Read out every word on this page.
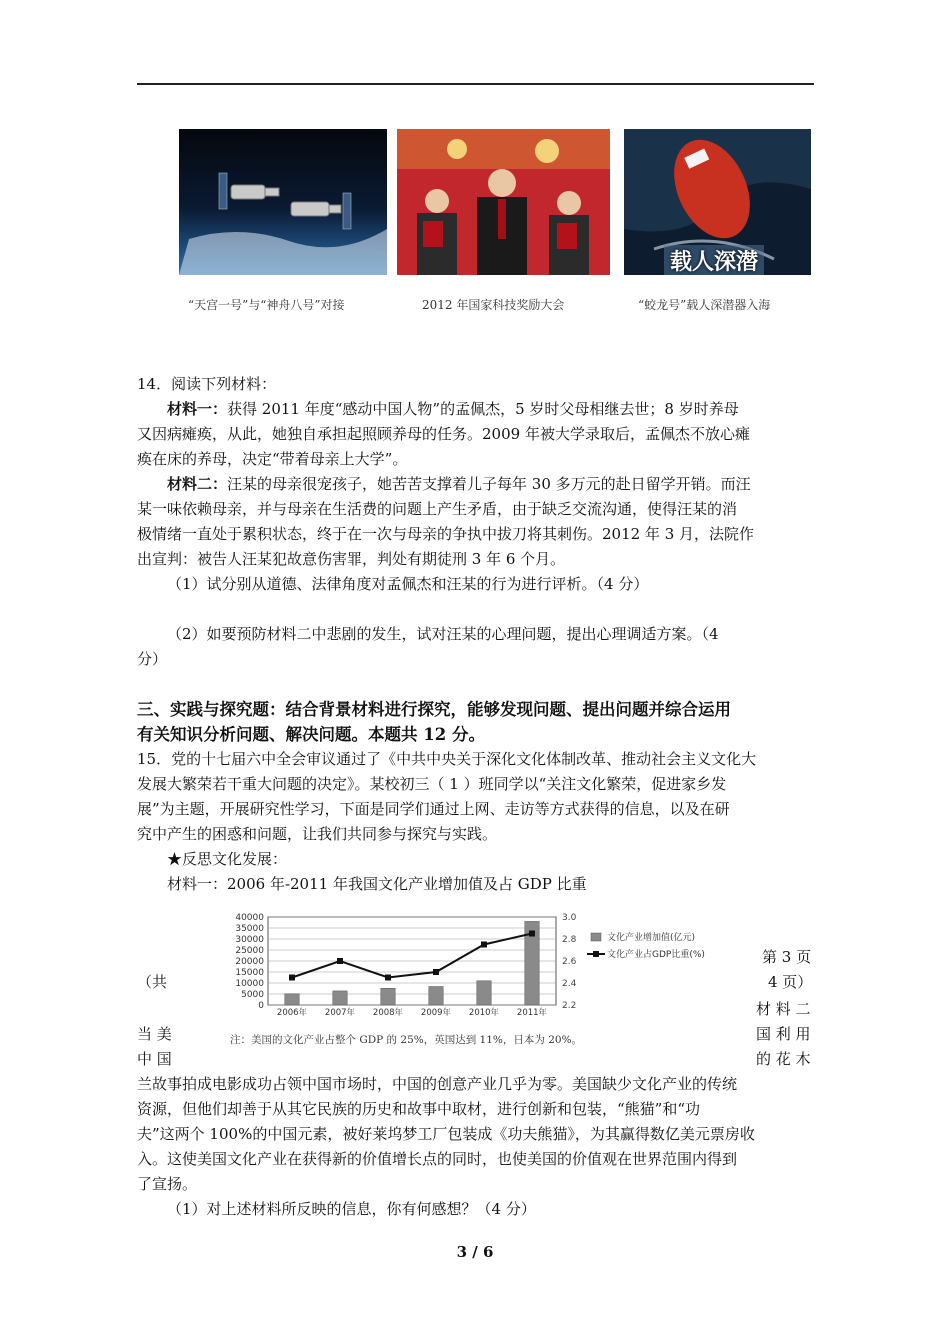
载人深潜
“天宫一号”与“神舟八号”对接	2012 年国家科技奖励大会	“蛟龙号”载人深潜器入海
14．阅读下列材料：
材料一：获得 2011 年度“感动中国人物”的孟佩杰，5 岁时父母相继去世；8 岁时养母
又因病瘫痪，从此，她独自承担起照顾养母的任务。2009 年被大学录取后，孟佩杰不放心瘫
痪在床的养母，决定“带着母亲上大学”。
材料二：汪某的母亲很宠孩子，她苦苦支撑着儿子每年 30 多万元的赴日留学开销。而汪
某一味依赖母亲，并与母亲在生活费的问题上产生矛盾，由于缺乏交流沟通，使得汪某的消
极情绪一直处于累积状态，终于在一次与母亲的争执中拔刀将其刺伤。2012 年 3 月，法院作
出宣判：被告人汪某犯故意伤害罪，判处有期徒刑 3 年 6 个月。
（1）试分别从道德、法律角度对孟佩杰和汪某的行为进行评析。（4 分）
（2）如要预防材料二中悲剧的发生，试对汪某的心理问题，提出心理调适方案。（4
分）
三、实践与探究题：结合背景材料进行探究，能够发现问题、提出问题并综合运用
有关知识分析问题、解决问题。本题共 12 分。
15．党的十七届六中全会审议通过了《中共中央关于深化文化体制改革、推动社会主义文化大
发展大繁荣若干重大问题的决定》。某校初三（ 1 ）班同学以“关注文化繁荣，促进家乡发
展”为主题，开展研究性学习，下面是同学们通过上网、走访等方式获得的信息，以及在研
究中产生的困惑和问题，让我们共同参与探究与实践。
★反思文化发展：
材料一：2006 年-2011 年我国文化产业增加值及占 GDP 比重
（共
当 美
中 国
第 3 页
4 页）
材 料 二
国 利 用
的 花 木
40000
35000
30000
25000
20000
15000
10000
5000
0
3.0
2.8
2.6
2.4
2.2
2006年 2007年 2008年 2009年 2010年 2011年
文化产业增加值(亿元)
文化产业占GDP比重(%)
注：美国的文化产业占整个 GDP 的 25%，英国达到 11%，日本为 20%。
兰故事拍成电影成功占领中国市场时，中国的创意产业几乎为零。美国缺少文化产业的传统
资源，但他们却善于从其它民族的历史和故事中取材，进行创新和包装，“熊猫”和“功
夫”这两个 100%的中国元素，被好莱坞梦工厂包装成《功夫熊猫》，为其赢得数亿美元票房收
入。这使美国文化产业在获得新的价值增长点的同时，也使美国的价值观在世界范围内得到
了宣扬。
（1）对上述材料所反映的信息，你有何感想？（4 分）
3 / 6
